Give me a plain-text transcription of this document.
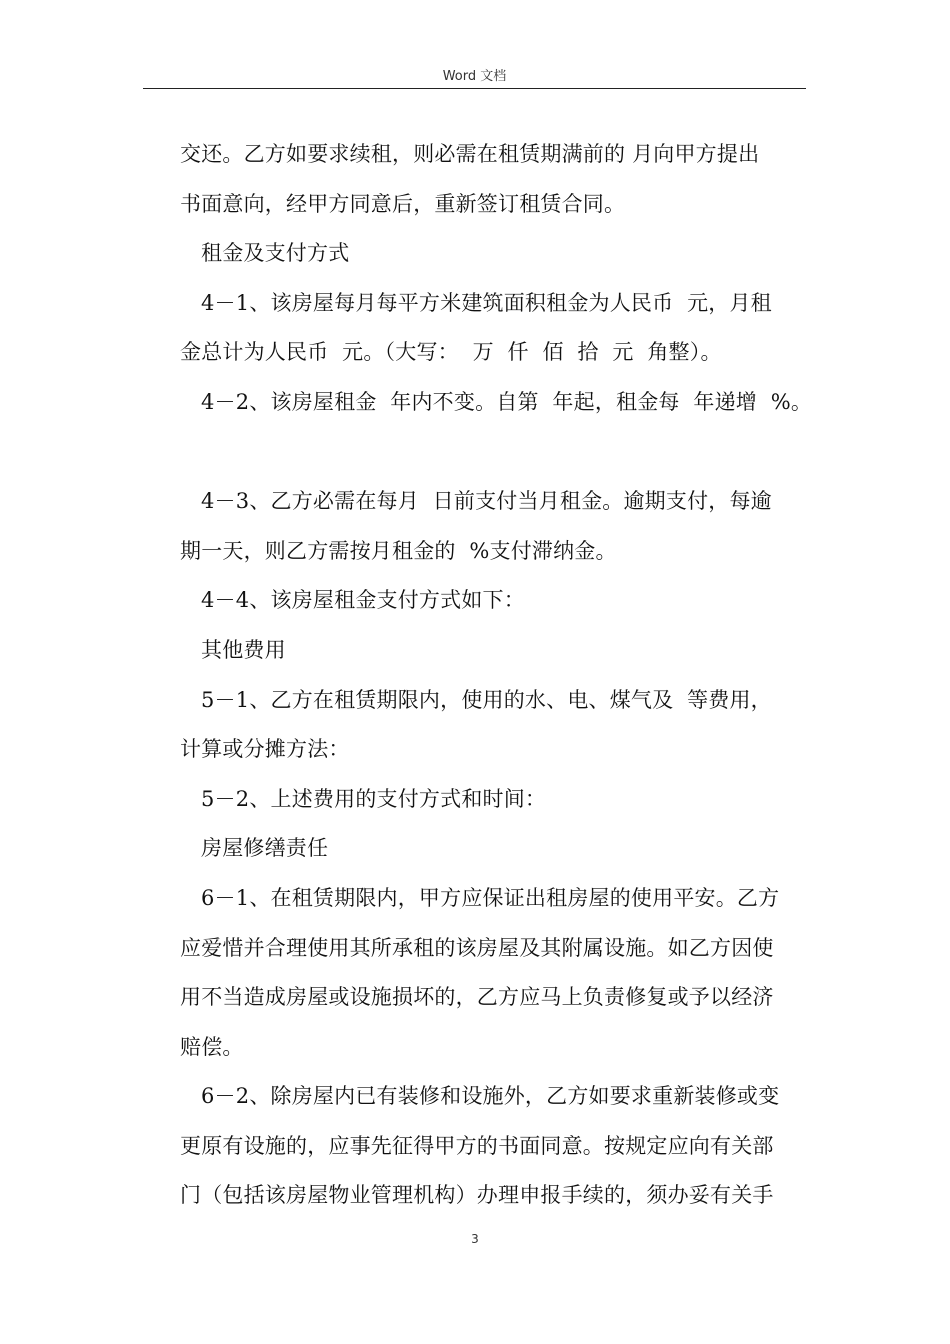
Word 文档

交还。乙方如要求续租，则必需在租赁期满前的 月向甲方提出

书面意向，经甲方同意后，重新签订租赁合同。

租金及支付方式

4－1、该房屋每月每平方米建筑面积租金为人民币  元，月租

金总计为人民币  元。（大写：  万  仟  佰  拾  元  角整）。

4－2、该房屋租金  年内不变。自第  年起，租金每  年递增  %。

4－3、乙方必需在每月  日前支付当月租金。逾期支付，每逾

期一天，则乙方需按月租金的  %支付滞纳金。

4－4、该房屋租金支付方式如下：

其他费用

5－1、乙方在租赁期限内，使用的水、电、煤气及  等费用，

计算或分摊方法：

5－2、上述费用的支付方式和时间：

房屋修缮责任

6－1、在租赁期限内，甲方应保证出租房屋的使用平安。乙方

应爱惜并合理使用其所承租的该房屋及其附属设施。如乙方因使

用不当造成房屋或设施损坏的，乙方应马上负责修复或予以经济

赔偿。

6－2、除房屋内已有装修和设施外，乙方如要求重新装修或变

更原有设施的，应事先征得甲方的书面同意。按规定应向有关部

门（包括该房屋物业管理机构）办理申报手续的，须办妥有关手

3
